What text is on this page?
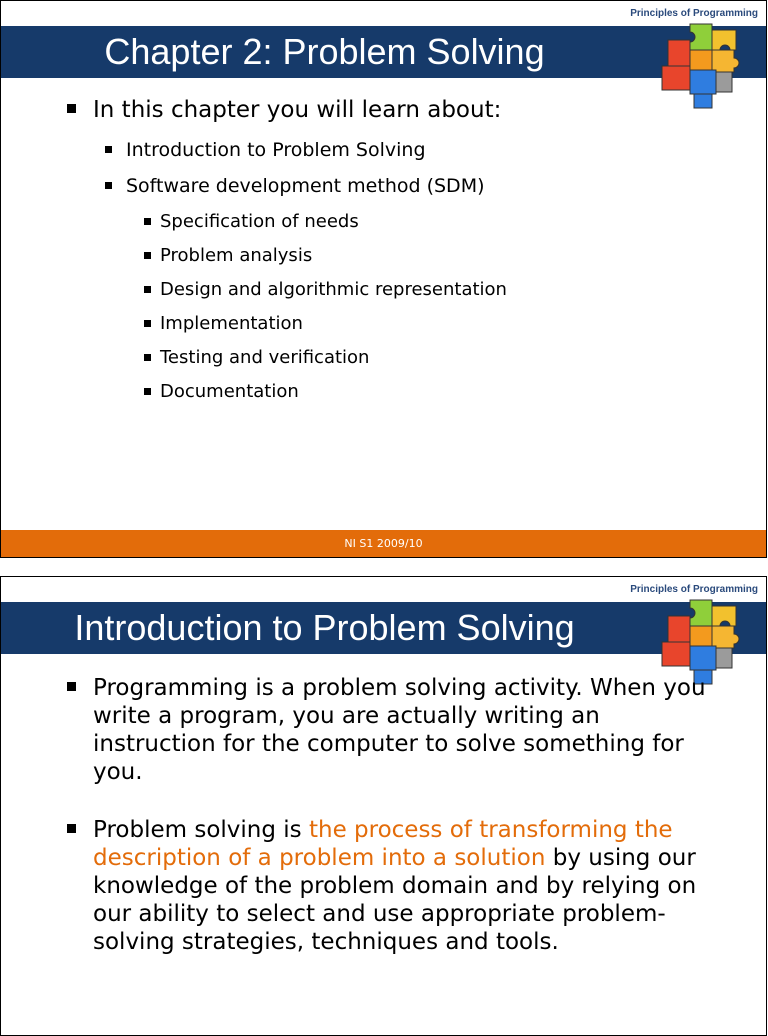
Principles of Programming
Chapter 2: Problem Solving
In this chapter you will learn about:
Introduction to Problem Solving
Software development method (SDM)
Specification of needs
Problem analysis
Design and algorithmic representation
Implementation
Testing and verification
Documentation
NI S1 2009/10
Principles of Programming
Introduction to Problem Solving
Programming is a problem solving activity. When you write a program, you are actually writing an instruction for the computer to solve something for you.
Problem solving is the process of transforming the description of a problem into a solution by using our knowledge of the problem domain and by relying on our ability to select and use appropriate problem-solving strategies, techniques and tools.
